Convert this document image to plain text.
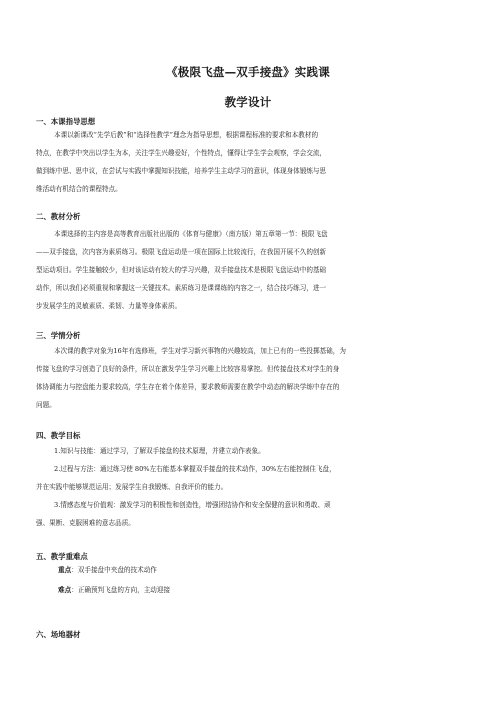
《极限飞盘—双手接盘》实践课
教学设计
一、本课指导思想
本课以新课改“先学后教”和“选择性教学”理念为指导思想，根据课程标准的要求和本教材的
特点，在教学中突出以学生为本，关注学生兴趣爱好，个性特点，懂得让学生学会观察，学会交流，
做到练中思、思中议，在尝试与实践中掌握知识技能，培养学生主动学习的意识，体现身体锻炼与思
维活动有机结合的课程特点。
二、教材分析
本课选择的主内容是高等教育出版社出版的《体育与健康》（南方版）第五章第一节：极限飞盘
——双手接盘，次内容为素质练习。极限飞盘运动是一项在国际上比较流行，在我国开展不久的创新
型运动项目。学生接触较少，但对该运动有较大的学习兴趣，双手接盘技术是极限飞盘运动中的基础
动作，所以我们必须重视和掌握这一关键技术。素质练习是课课练的内容之一，结合技巧练习，进一
步发展学生的灵敏素质、柔韧、力量等身体素质。
三、学情分析
本次课的教学对象为16年有选修班，学生对学习新兴事物的兴趣较高，加上已有的一些投掷基础，为
传接飞盘的学习创造了良好的条件，所以在激发学生学习兴趣上比较容易掌控。但传接盘技术对学生的身
体协调能力与控盘能力要求较高，学生存在着个体差异，要求教师需要在教学中动态的解决学练中存在的
问题。
四、教学目标
1.知识与技能：通过学习，了解双手接盘的技术原理，并建立动作表象。
2.过程与方法：通过练习使 80%左右能基本掌握双手接盘的技术动作，30%左右能控制住飞盘，
并在实践中能够规范运用；发展学生自我锻炼、自我评价的能力。
3.情感态度与价值观：激发学习的积极性和创造性，增强团结协作和安全保健的意识和勇敢、顽
强、果断、克服困难的意志品质。
五、教学重难点
重点：双手接盘中夹盘的技术动作
难点：正确预判飞盘的方向，主动迎接
六、场地器材
